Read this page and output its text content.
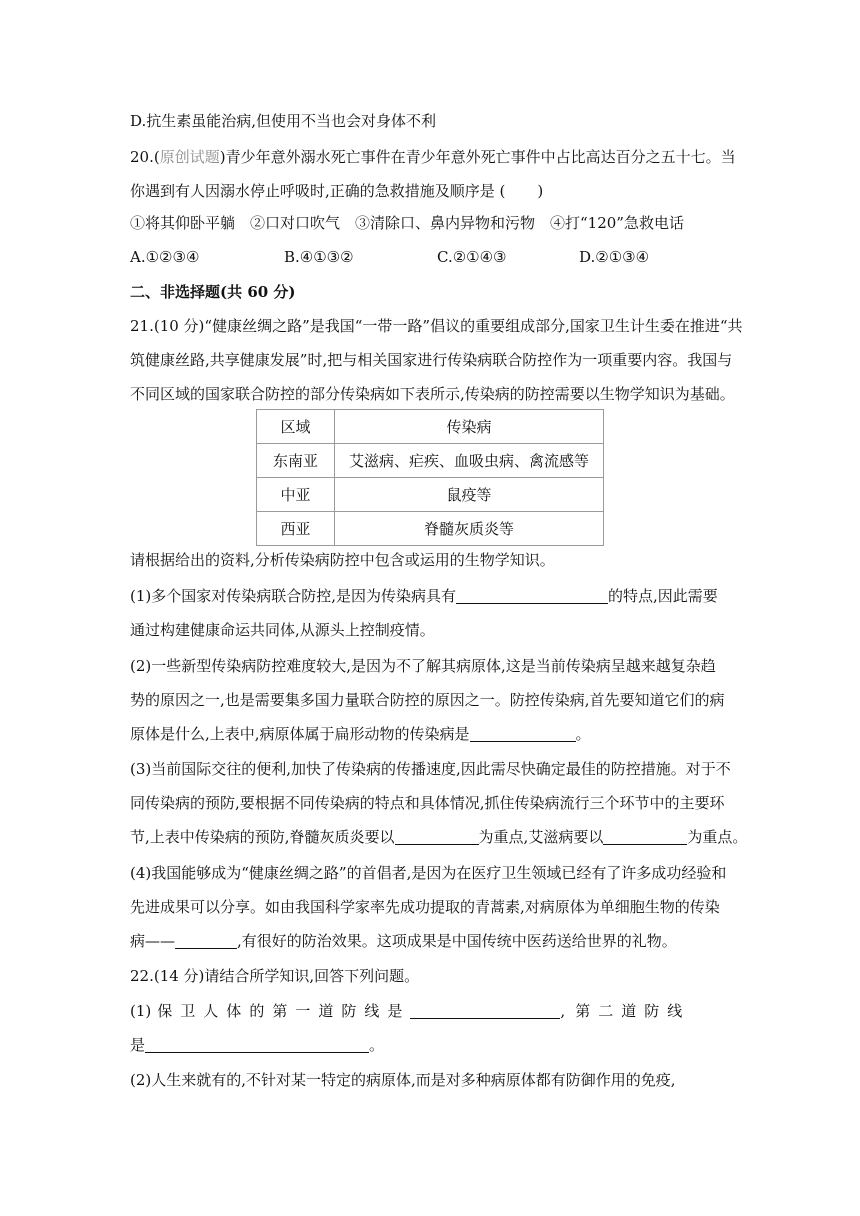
D.抗生素虽能治病,但使用不当也会对身体不利
20.(原创试题)青少年意外溺水死亡事件在青少年意外死亡事件中占比高达百分之五十七。当
你遇到有人因溺水停止呼吸时,正确的急救措施及顺序是 ( )
①将其仰卧平躺　②口对口吹气　③清除口、鼻内异物和污物　④打“120”急救电话
A.①②③④	B.④①③②	C.②①④③	D.②①③④
二、非选择题(共 60 分)
21.(10 分)“健康丝绸之路”是我国“一带一路”倡议的重要组成部分,国家卫生计生委在推进“共
筑健康丝路,共享健康发展”时,把与相关国家进行传染病联合防控作为一项重要内容。我国与
不同区域的国家联合防控的部分传染病如下表所示,传染病的防控需要以生物学知识为基础。
区域	传染病
东南亚	艾滋病、疟疾、血吸虫病、禽流感等
中亚	鼠疫等
西亚	脊髓灰质炎等
请根据给出的资料,分析传染病防控中包含或运用的生物学知识。
(1)多个国家对传染病联合防控,是因为传染病具有	的特点,因此需要
通过构建健康命运共同体,从源头上控制疫情。
(2)一些新型传染病防控难度较大,是因为不了解其病原体,这是当前传染病呈越来越复杂趋
势的原因之一,也是需要集多国力量联合防控的原因之一。防控传染病,首先要知道它们的病
原体是什么,上表中,病原体属于扁形动物的传染病是	。
(3)当前国际交往的便利,加快了传染病的传播速度,因此需尽快确定最佳的防控措施。对于不
同传染病的预防,要根据不同传染病的特点和具体情况,抓住传染病流行三个环节中的主要环
节,上表中传染病的预防,脊髓灰质炎要以	为重点,艾滋病要以	为重点。
(4)我国能够成为“健康丝绸之路”的首倡者,是因为在医疗卫生领域已经有了许多成功经验和
先进成果可以分享。如由我国科学家率先成功提取的青蒿素,对病原体为单细胞生物的传染
病——	,有很好的防治效果。这项成果是中国传统中医药送给世界的礼物。
22.(14 分)请结合所学知识,回答下列问题。
(1) 保 卫 人 体 的 第 一 道 防 线 是	, 第 二 道 防 线
是	。
(2)人生来就有的,不针对某一特定的病原体,而是对多种病原体都有防御作用的免疫,
